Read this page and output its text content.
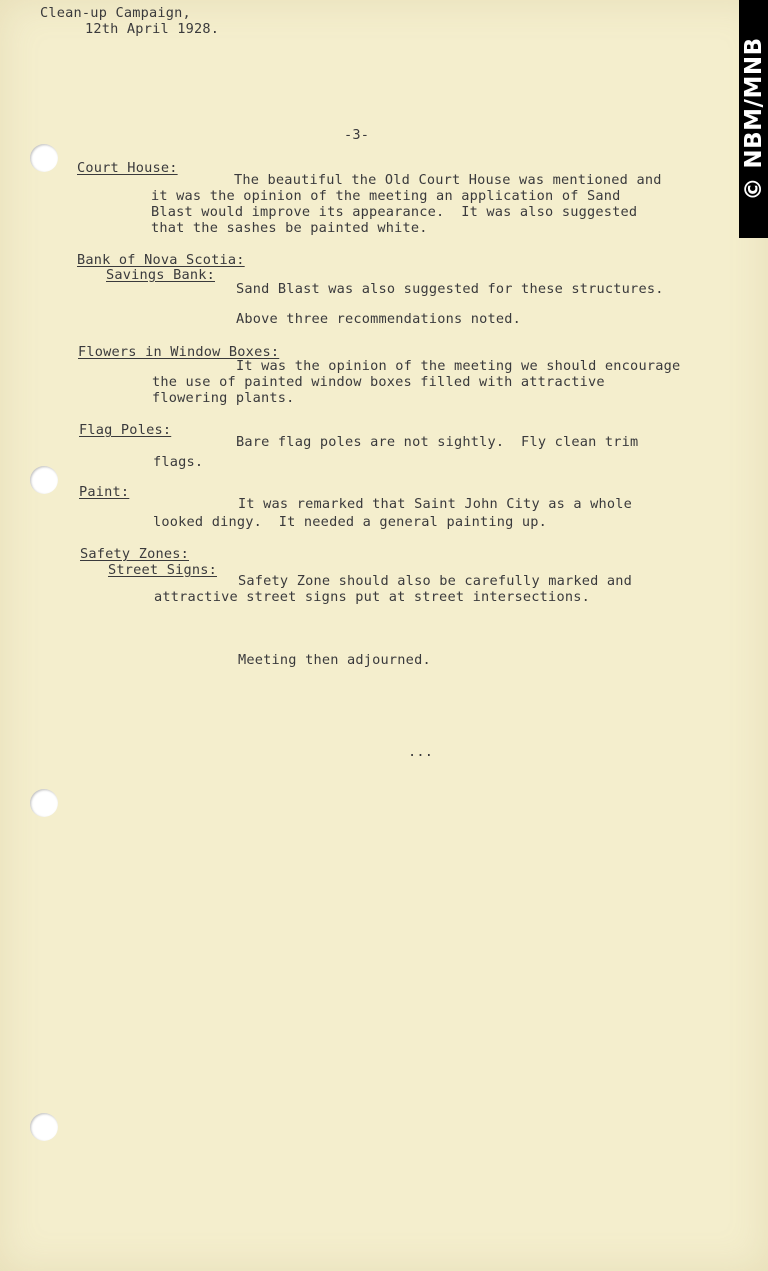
Clean-up Campaign,
12th April 1928.
-3-
Court House:
The beautiful the Old Court House was mentioned and
it was the opinion of the meeting an application of Sand
Blast would improve its appearance.  It was also suggested
that the sashes be painted white.
Bank of Nova Scotia:
Savings Bank:
Sand Blast was also suggested for these structures.
Above three recommendations noted.
Flowers in Window Boxes:
It was the opinion of the meeting we should encourage
the use of painted window boxes filled with attractive
flowering plants.
Flag Poles:
Bare flag poles are not sightly.  Fly clean trim
flags.
Paint:
It was remarked that Saint John City as a whole
looked dingy.  It needed a general painting up.
Safety Zones:
Street Signs:
Safety Zone should also be carefully marked and
attractive street signs put at street intersections.
Meeting then adjourned.
...
© NBM/MNB
